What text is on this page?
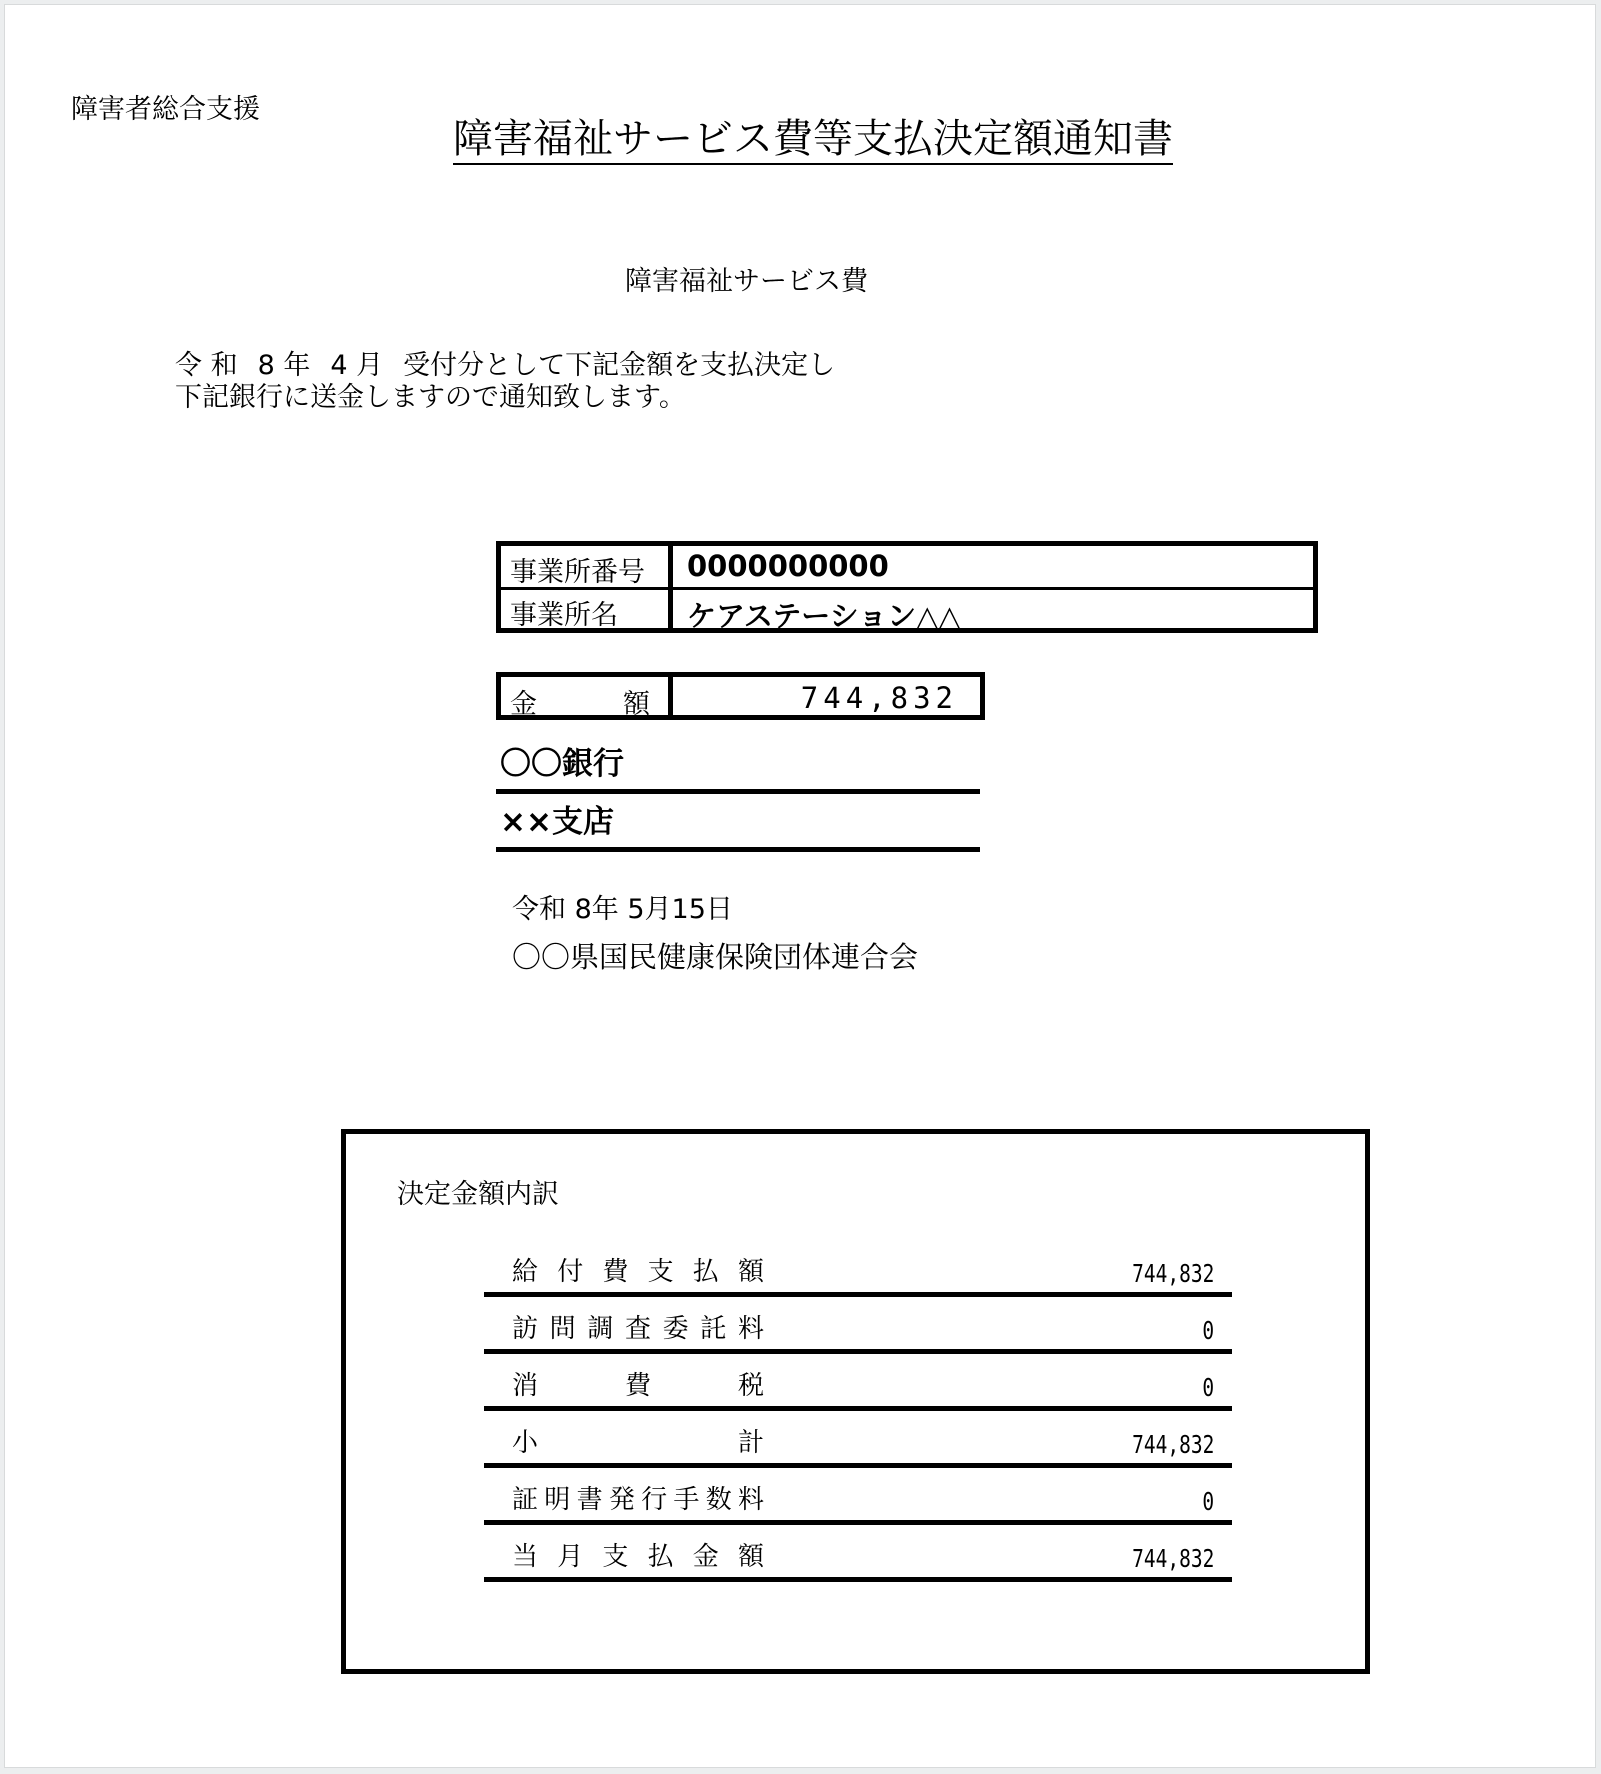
障害者総合支援
障害福祉サービス費等支払決定額通知書
障害福祉サービス費
令 和 8 年 4 月 受付分として下記金額を支払決定し
下記銀行に送金しますので通知致します。
事業所番号 0000000000
事業所名 ケアステーション△△
金	額	744,832
〇〇銀行
××支店
令和 8年 5月15日
〇〇県国民健康保険団体連合会
決定金額内訳
給 付 費 支 払 額	744,832
訪 問 調 査 委 託 料	0
消	費	税	0
小	計	744,832
証 明 書 発 行 手 数 料	0
当 月 支 払 金 額	744,832
